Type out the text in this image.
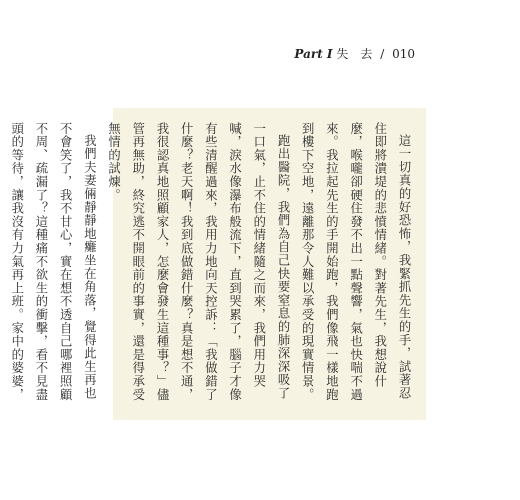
Part I 失　去 / 010

這一切真的好恐怖，我緊抓先生的手，試著忍住即將潰堤的悲憤情緒。對著先生，我想說什麼，喉嚨卻硬住發不出一點聲響，氣也快喘不過來。我拉起先生的手開始跑，我們像飛一樣地跑到樓下空地，遠離那令人難以承受的現實情景。

跑出醫院，我們為自己快要窒息的肺深深吸了一口氣，止不住的情緒隨之而來，我們用力哭喊，淚水像瀑布般流下，直到哭累了，腦子才像有些清醒過來，我用力地向天控訴：「我做錯了什麼？老天啊！我到底做錯什麼？真是想不通，我很認真地照顧家人，怎麼會發生這種事？」儘管再無助，終究逃不開眼前的事實，還是得承受無情的試煉。

我們夫妻倆靜靜地癱坐在角落，覺得此生再也不會笑了，我不甘心，實在想不透自己哪裡照顧不周、疏漏了？這種痛不欲生的衝擊，看不見盡頭的等待，讓我沒有力氣再上班。家中的婆婆，
